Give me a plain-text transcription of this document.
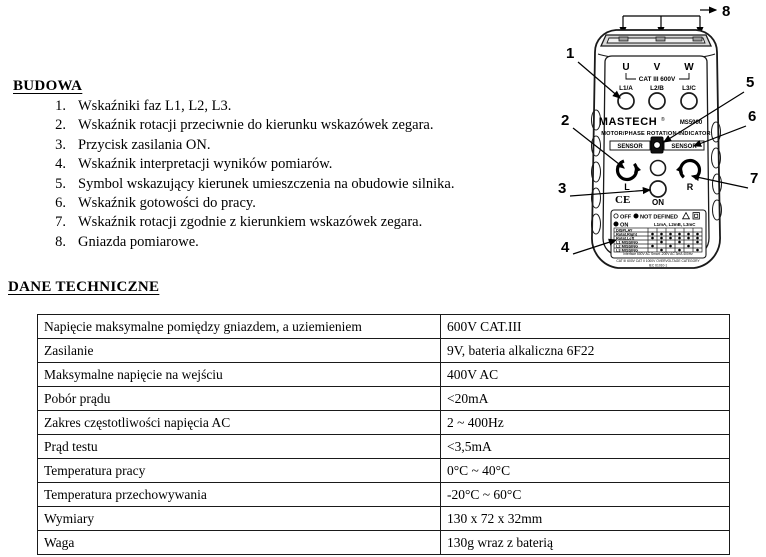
BUDOWA
1. Wskaźniki faz L1, L2, L3.
2. Wskaźnik rotacji przeciwnie do kierunku wskazówek zegara.
3. Przycisk zasilania ON.
4. Wskaźnik interpretacji wyników pomiarów.
5. Symbol wskazujący kierunek umieszczenia na obudowie silnika.
6. Wskaźnik gotowości do pracy.
7. Wskaźnik rotacji zgodnie z kierunkiem wskazówek zegara.
8. Gniazda pomiarowe.
DANE TECHNICZNE
Napięcie maksymalne pomiędzy gniazdem, a uziemieniem	600V CAT.III
Zasilanie	9V, bateria alkaliczna 6F22
Maksymalne napięcie na wejściu	400V AC
Pobór prądu	<20mA
Zakres częstotliwości napięcia AC	2 ~ 400Hz
Prąd testu	<3,5mA
Temperatura pracy	0°C ~ 40°C
Temperatura przechowywania	-20°C ~ 60°C
Wymiary	130 x 72 x 32mm
Waga	130g wraz z baterią
8
U V W
CAT III 600V
L1/A	L2/B	L3/C
MASTECH ®	MS5900
MOTOR/PHASE ROTATION INDICATOR
SENSOR	SENSOR
L	R
ON
CE
OFF NOT DEFINED
ON	L1mA, L2mB, L3mC
DISPLAY
Rotat.Right
Rotat.Left
L1 MISSING
L2 MISSING
L3 MISSING
Interface 600V AC Smart -200V AC 3mA 400Hz
CAT III 600V CAT II 1000V OVERVOLTAGE CATEGORY
IEC 61010-1
1
2
3
4
5
6
7
